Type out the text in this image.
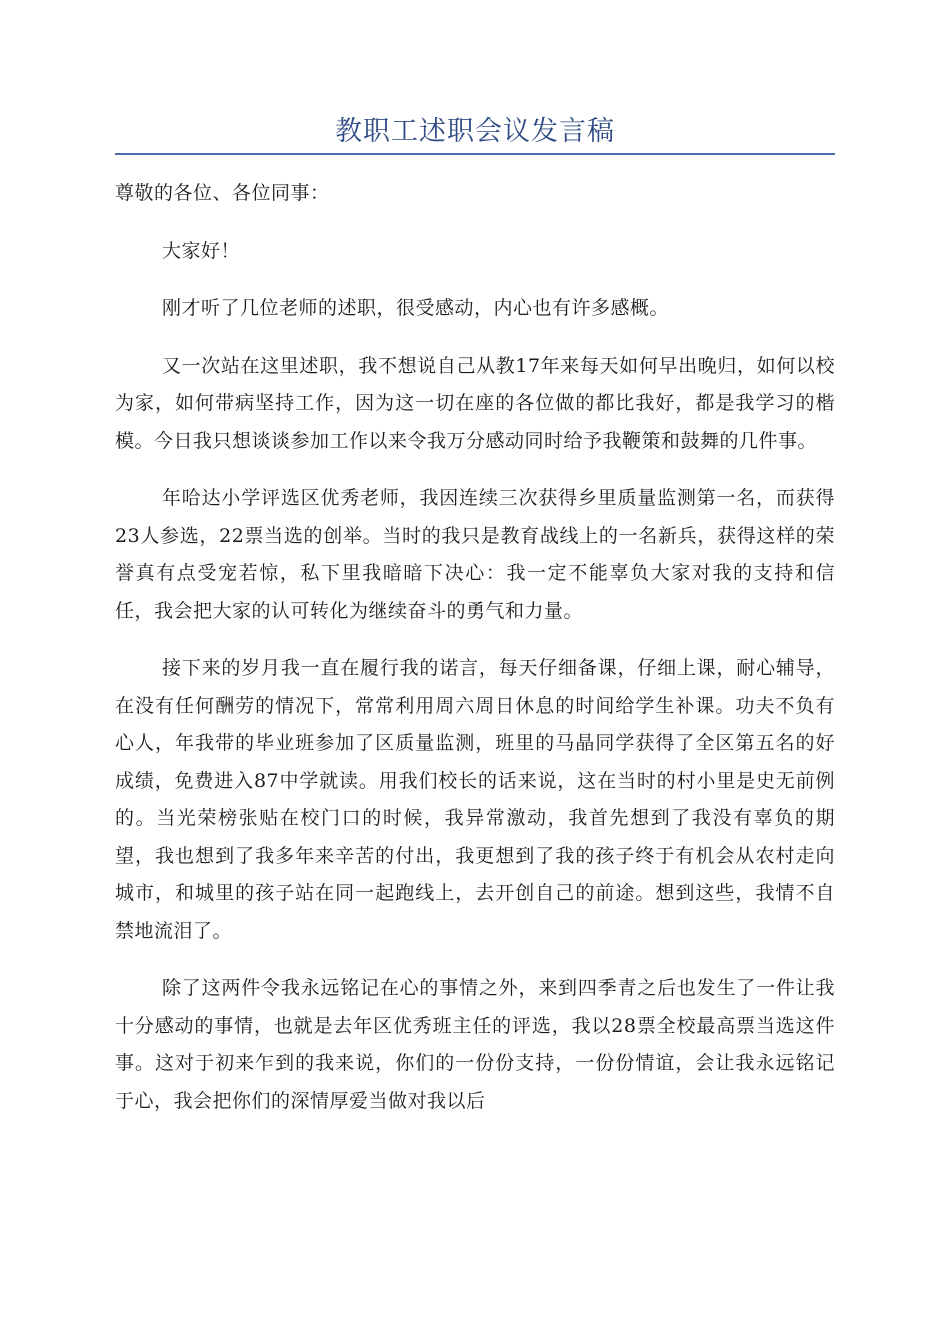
教职工述职会议发言稿

尊敬的各位、各位同事：

大家好！

刚才听了几位老师的述职，很受感动，内心也有许多感概。

又一次站在这里述职，我不想说自己从教17年来每天如何早出晚归，如何以校为家，如何带病坚持工作，因为这一切在座的各位做的都比我好，都是我学习的楷模。今日我只想谈谈参加工作以来令我万分感动同时给予我鞭策和鼓舞的几件事。

年哈达小学评选区优秀老师，我因连续三次获得乡里质量监测第一名，而获得23人参选，22票当选的创举。当时的我只是教育战线上的一名新兵，获得这样的荣誉真有点受宠若惊，私下里我暗暗下决心：我一定不能辜负大家对我的支持和信任，我会把大家的认可转化为继续奋斗的勇气和力量。

接下来的岁月我一直在履行我的诺言，每天仔细备课，仔细上课，耐心辅导，在没有任何酬劳的情况下，常常利用周六周日休息的时间给学生补课。功夫不负有心人，年我带的毕业班参加了区质量监测，班里的马晶同学获得了全区第五名的好成绩，免费进入87中学就读。用我们校长的话来说，这在当时的村小里是史无前例的。当光荣榜张贴在校门口的时候，我异常激动，我首先想到了我没有辜负的期望，我也想到了我多年来辛苦的付出，我更想到了我的孩子终于有机会从农村走向城市，和城里的孩子站在同一起跑线上，去开创自己的前途。想到这些，我情不自禁地流泪了。

除了这两件令我永远铭记在心的事情之外，来到四季青之后也发生了一件让我十分感动的事情，也就是去年区优秀班主任的评选，我以28票全校最高票当选这件事。这对于初来乍到的我来说，你们的一份份支持，一份份情谊，会让我永远铭记于心，我会把你们的深情厚爱当做对我以后
